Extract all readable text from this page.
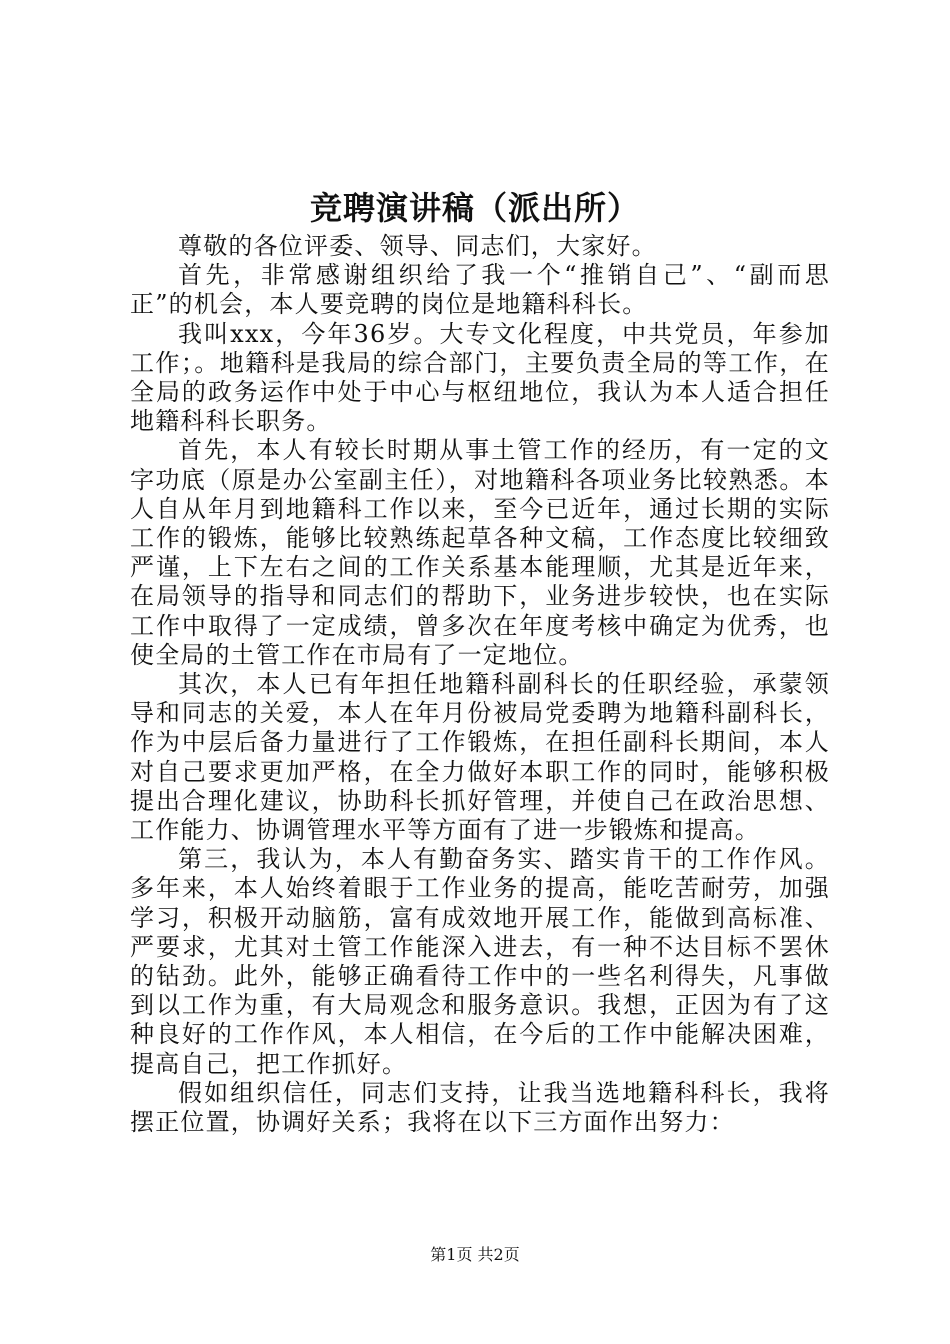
竞聘演讲稿（派出所）

尊敬的各位评委、领导、同志们，大家好。

首先，非常感谢组织给了我一个“推销自己”、“副而思正”的机会，本人要竞聘的岗位是地籍科科长。

我叫xxx，今年36岁。大专文化程度，中共党员，年参加工作；。地籍科是我局的综合部门，主要负责全局的等工作，在全局的政务运作中处于中心与枢纽地位，我认为本人适合担任地籍科科长职务。

首先，本人有较长时期从事土管工作的经历，有一定的文字功底（原是办公室副主任），对地籍科各项业务比较熟悉。本人自从年月到地籍科工作以来，至今已近年，通过长期的实际工作的锻炼，能够比较熟练起草各种文稿，工作态度比较细致严谨，上下左右之间的工作关系基本能理顺，尤其是近年来，在局领导的指导和同志们的帮助下，业务进步较快，也在实际工作中取得了一定成绩，曾多次在年度考核中确定为优秀，也使全局的土管工作在市局有了一定地位。

其次，本人已有年担任地籍科副科长的任职经验，承蒙领导和同志的关爱，本人在年月份被局党委聘为地籍科副科长，作为中层后备力量进行了工作锻炼，在担任副科长期间，本人对自己要求更加严格，在全力做好本职工作的同时，能够积极提出合理化建议，协助科长抓好管理，并使自己在政治思想、工作能力、协调管理水平等方面有了进一步锻炼和提高。

第三，我认为，本人有勤奋务实、踏实肯干的工作作风。多年来，本人始终着眼于工作业务的提高，能吃苦耐劳，加强学习，积极开动脑筋，富有成效地开展工作，能做到高标准、严要求，尤其对土管工作能深入进去，有一种不达目标不罢休的钻劲。此外，能够正确看待工作中的一些名利得失，凡事做到以工作为重，有大局观念和服务意识。我想，正因为有了这种良好的工作作风，本人相信，在今后的工作中能解决困难，提高自己，把工作抓好。

假如组织信任，同志们支持，让我当选地籍科科长，我将摆正位置，协调好关系；我将在以下三方面作出努力：

第1页 共2页
